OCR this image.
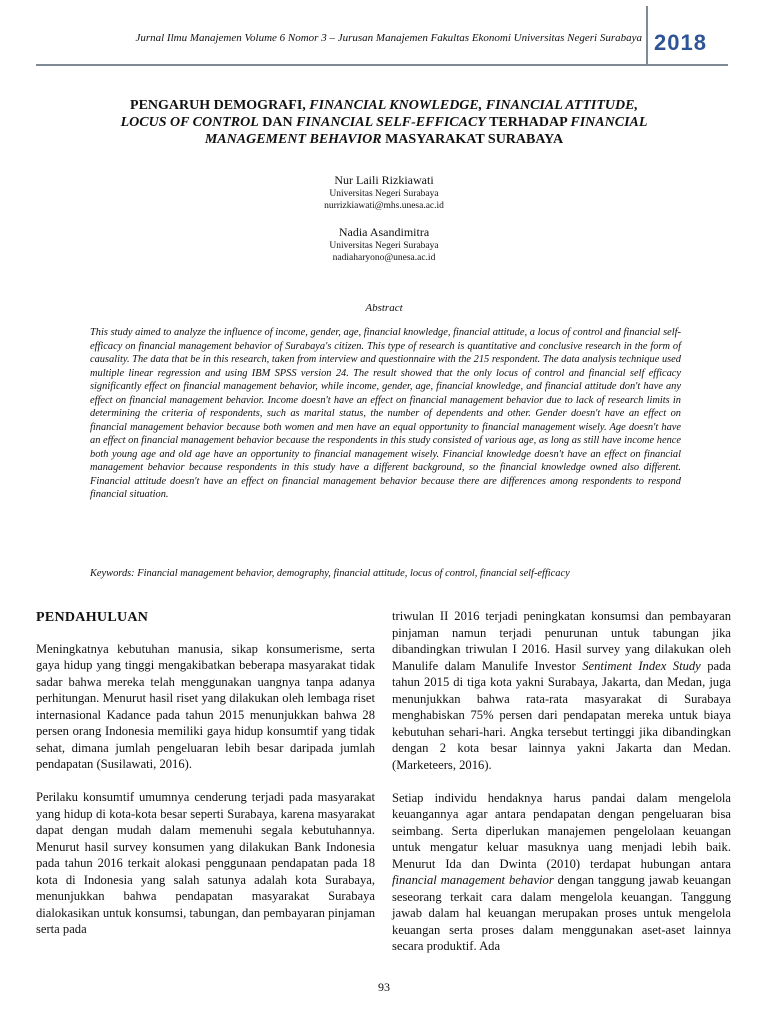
Jurnal Ilmu Manajemen Volume 6 Nomor 3 – Jurusan Manajemen Fakultas Ekonomi Universitas Negeri Surabaya 2018
PENGARUH DEMOGRAFI, FINANCIAL KNOWLEDGE, FINANCIAL ATTITUDE,
LOCUS OF CONTROL DAN FINANCIAL SELF-EFFICACY TERHADAP FINANCIAL
MANAGEMENT BEHAVIOR MASYARAKAT SURABAYA
Nur Laili Rizkiawati
Universitas Negeri Surabaya
nurrizkiawati@mhs.unesa.ac.id
Nadia Asandimitra
Universitas Negeri Surabaya
nadiaharyono@unesa.ac.id
Abstract
This study aimed to analyze the influence of income, gender, age, financial knowledge, financial attitude, a locus of control and financial self-efficacy on financial management behavior of Surabaya's citizen. This type of research is quantitative and conclusive research in the form of causality. The data that be in this research, taken from interview and questionnaire with the 215 respondent. The data analysis technique used multiple linear regression and using IBM SPSS version 24. The result showed that the only locus of control and financial self efficacy significantly effect on financial management behavior, while income, gender, age, financial knowledge, and financial attitude don't have any effect on financial management behavior. Income doesn't have an effect on financial management behavior due to lack of research limits in determining the criteria of respondents, such as marital status, the number of dependents and other. Gender doesn't have an effect on financial management behavior because both women and men have an equal opportunity to financial management wisely. Age doesn't have an effect on financial management behavior because the respondents in this study consisted of various age, as long as still have income hence both young age and old age have an opportunity to financial management wisely. Financial knowledge doesn't have an effect on financial management behavior because respondents in this study have a different background, so the financial knowledge owned also different. Financial attitude doesn't have an effect on financial management behavior because there are differences among respondents to respond financial situation.
Keywords: Financial management behavior, demography, financial attitude, locus of control, financial self-efficacy
PENDAHULUAN

Meningkatnya kebutuhan manusia, sikap konsumerisme, serta gaya hidup yang tinggi mengakibatkan beberapa masyarakat tidak sadar bahwa mereka telah menggunakan uangnya tanpa adanya perhitungan. Menurut hasil riset yang dilakukan oleh lembaga riset internasional Kadance pada tahun 2015 menunjukkan bahwa 28 persen orang Indonesia memiliki gaya hidup konsumtif yang tidak sehat, dimana jumlah pengeluaran lebih besar daripada jumlah pendapatan (Susilawati, 2016).

Perilaku konsumtif umumnya cenderung terjadi pada masyarakat yang hidup di kota-kota besar seperti Surabaya, karena masyarakat dapat dengan mudah dalam memenuhi segala kebutuhannya. Menurut hasil survey konsumen yang dilakukan Bank Indonesia pada tahun 2016 terkait alokasi penggunaan pendapatan pada 18 kota di Indonesia yang salah satunya adalah kota Surabaya, menunjukkan bahwa pendapatan masyarakat Surabaya dialokasikan untuk konsumsi, tabungan, dan pembayaran pinjaman serta pada

triwulan II 2016 terjadi peningkatan konsumsi dan pembayaran pinjaman namun terjadi penurunan untuk tabungan jika dibandingkan triwulan I 2016. Hasil survey yang dilakukan oleh Manulife dalam Manulife Investor Sentiment Index Study pada tahun 2015 di tiga kota yakni Surabaya, Jakarta, dan Medan, juga menunjukkan bahwa rata-rata masyarakat di Surabaya menghabiskan 75% persen dari pendapatan mereka untuk biaya kebutuhan sehari-hari. Angka tersebut tertinggi jika dibandingkan dengan 2 kota besar lainnya yakni Jakarta dan Medan. (Marketeers, 2016).

Setiap individu hendaknya harus pandai dalam mengelola keuangannya agar antara pendapatan dengan pengeluaran bisa seimbang. Serta diperlukan manajemen pengelolaan keuangan untuk mengatur keluar masuknya uang menjadi lebih baik. Menurut Ida dan Dwinta (2010) terdapat hubungan antara financial management behavior dengan tanggung jawab keuangan seseorang terkait cara dalam mengelola keuangan. Tanggung jawab dalam hal keuangan merupakan proses untuk mengelola keuangan serta proses dalam menggunakan aset-aset lainnya secara produktif. Ada

93
